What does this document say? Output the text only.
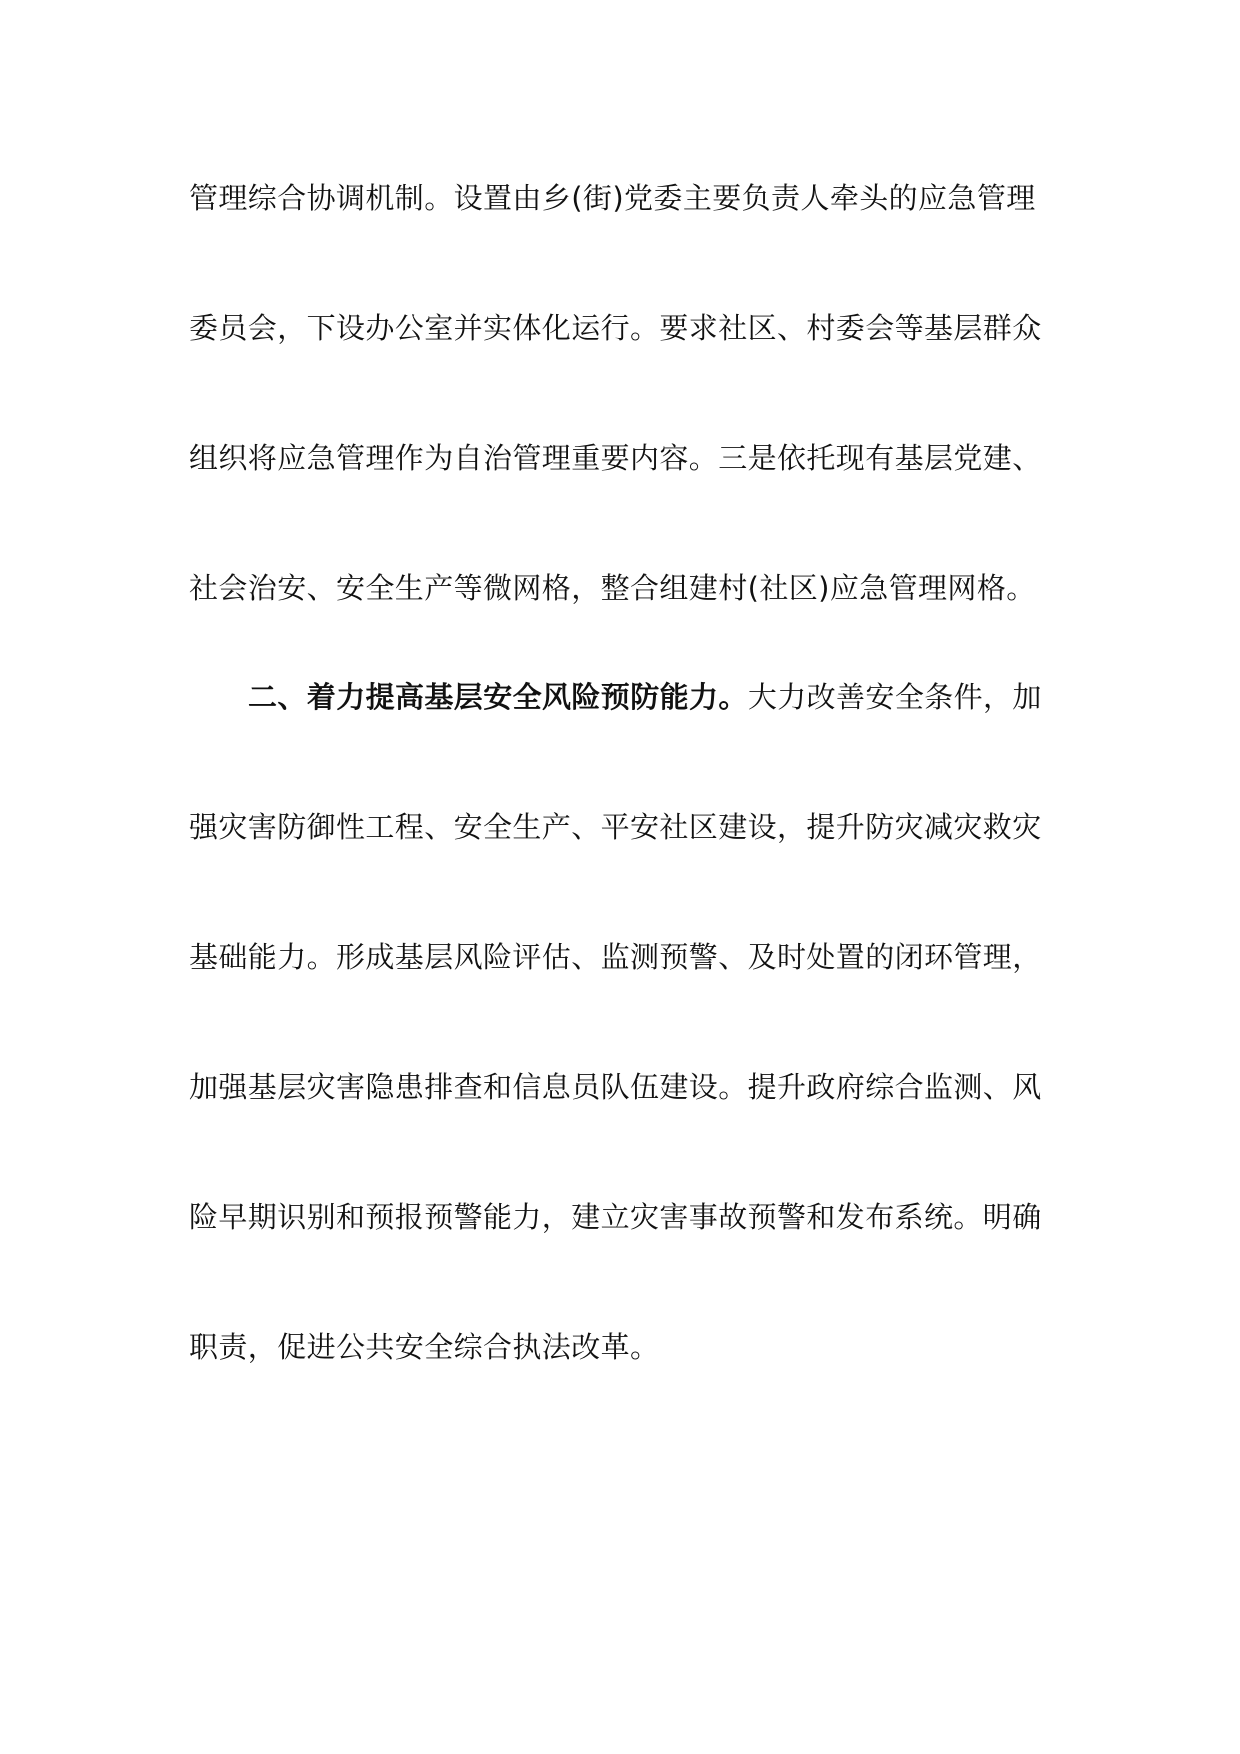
管理综合协调机制。设置由乡(街)党委主要负责人牵头的应急管理
委员会，下设办公室并实体化运行。要求社区、村委会等基层群众
组织将应急管理作为自治管理重要内容。三是依托现有基层党建、
社会治安、安全生产等微网格，整合组建村(社区)应急管理网格。
二、着力提高基层安全风险预防能力。大力改善安全条件，加
强灾害防御性工程、安全生产、平安社区建设，提升防灾减灾救灾
基础能力。形成基层风险评估、监测预警、及时处置的闭环管理，
加强基层灾害隐患排查和信息员队伍建设。提升政府综合监测、风
险早期识别和预报预警能力，建立灾害事故预警和发布系统。明确
职责，促进公共安全综合执法改革。
